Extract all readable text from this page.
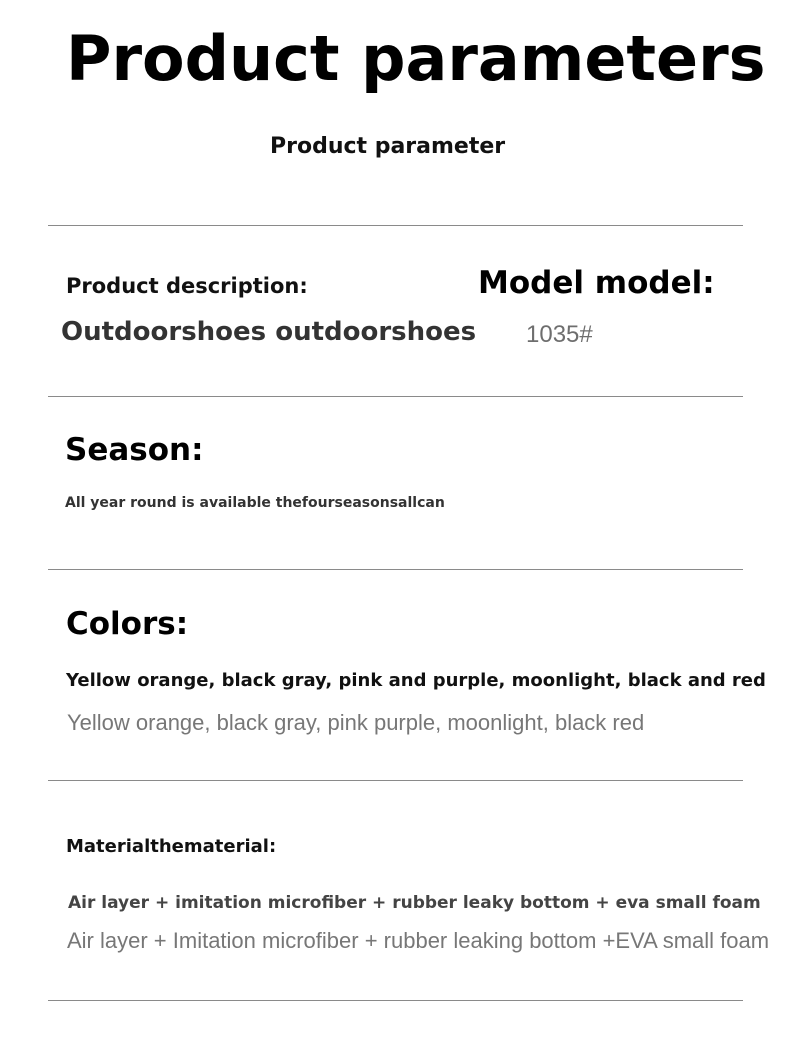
Product parameters
Product parameter
Product description:
Outdoorshoes outdoorshoes
Model model:
1035#
Season:
All year round is available thefourseasonsallcan
Colors:
Yellow orange, black gray, pink and purple, moonlight, black and red
Yellow orange, black gray, pink purple, moonlight, black red
Materialthematerial:
Air layer + imitation microfiber + rubber leaky bottom + eva small foam
Air layer + Imitation microfiber + rubber leaking bottom +EVA small foam
